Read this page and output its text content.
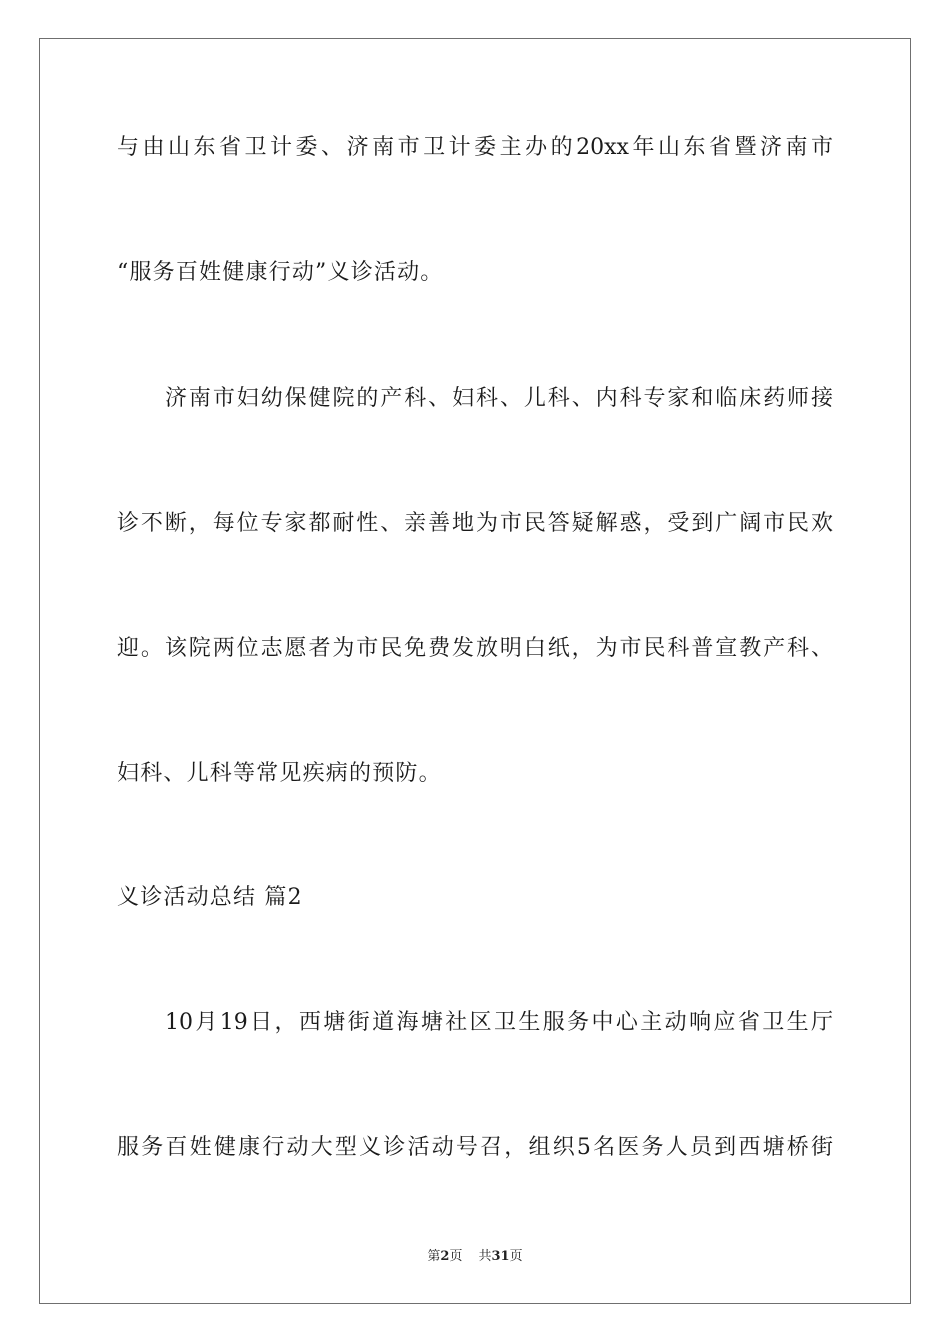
与由山东省卫计委、济南市卫计委主办的20xx年山东省暨济南市
“服务百姓健康行动”义诊活动。
济南市妇幼保健院的产科、妇科、儿科、内科专家和临床药师接
诊不断，每位专家都耐性、亲善地为市民答疑解惑，受到广阔市民欢
迎。该院两位志愿者为市民免费发放明白纸，为市民科普宣教产科、
妇科、儿科等常见疾病的预防。
义诊活动总结 篇2
10月19日，西塘街道海塘社区卫生服务中心主动响应省卫生厅
服务百姓健康行动大型义诊活动号召，组织5名医务人员到西塘桥街
第2页 共31页
